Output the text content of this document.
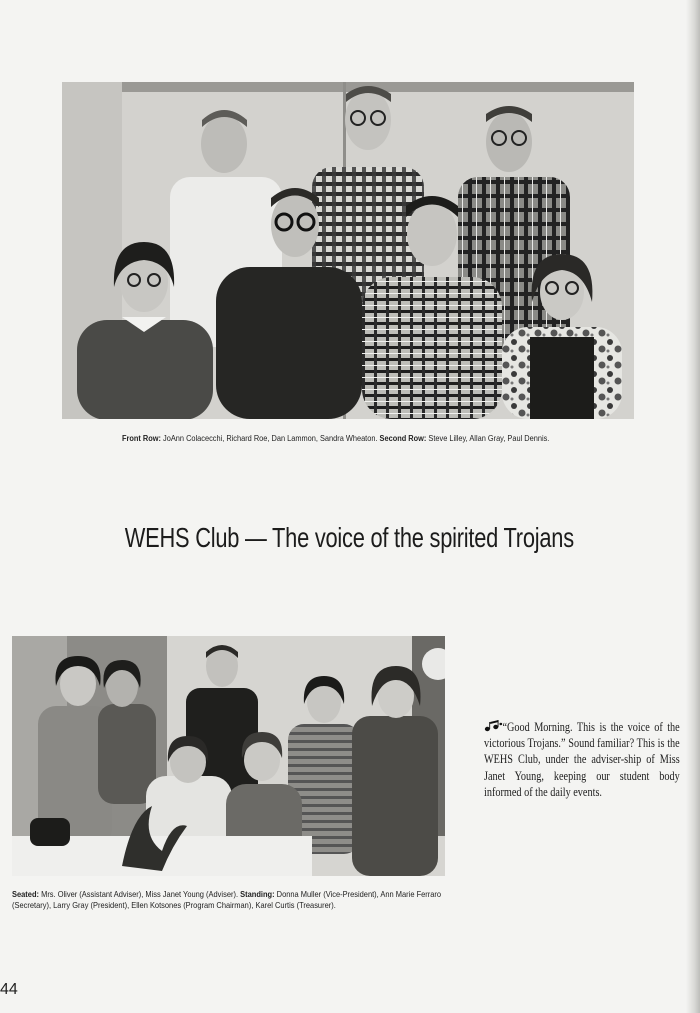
Front Row: JoAnn Colacecchi, Richard Roe, Dan Lammon, Sandra Wheaton. Second Row: Steve Lilley, Allan Gray, Paul Dennis.
WEHS Club — The voice of the spirited Trojans
Seated: Mrs. Oliver (Assistant Adviser), Miss Janet Young (Adviser). Standing: Donna Muller (Vice-President), Ann Marie Ferraro (Secretary), Larry Gray (President), Ellen Kotsones (Program Chairman), Karel Curtis (Treasurer).
“Good Morning. This is the voice of the victorious Trojans.” Sound familiar? This is the WEHS Club, under the adviser-ship of Miss Janet Young, keeping our student body informed of the daily events.
44
